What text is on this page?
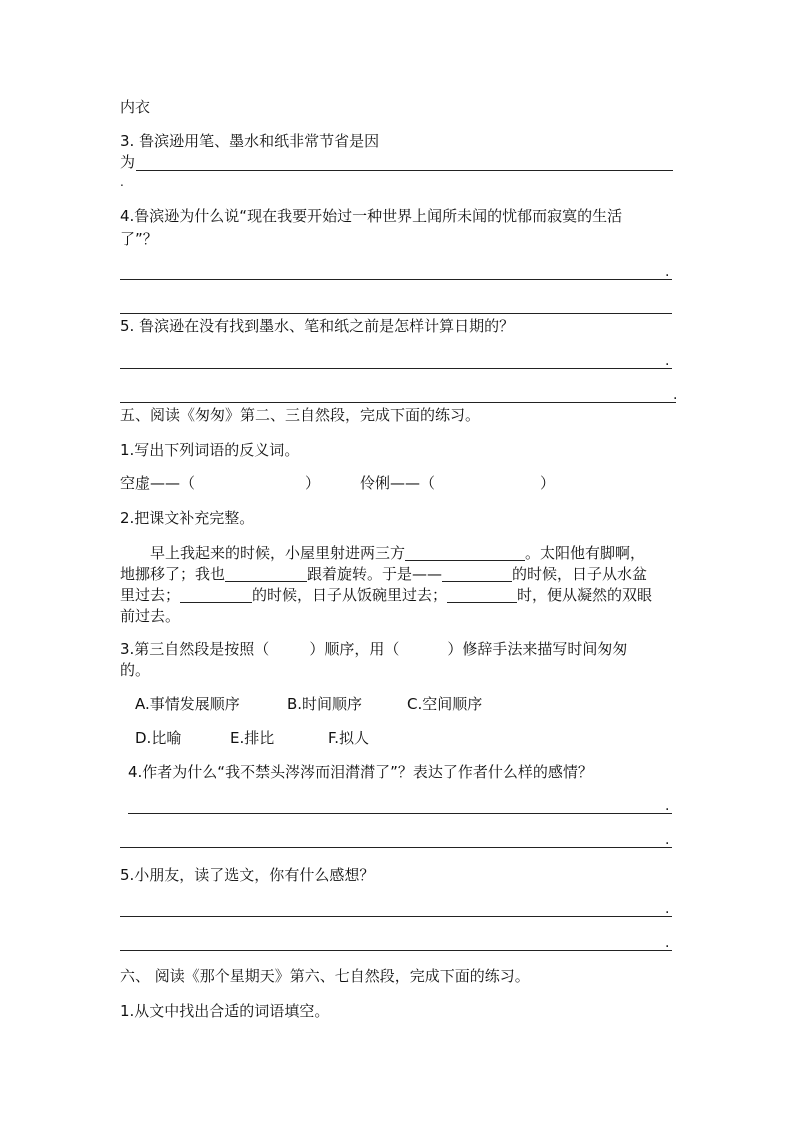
内衣
3. 鲁滨逊用笔、墨水和纸非常节省是因
为
.
4.鲁滨逊为什么说“现在我要开始过一种世界上闻所未闻的忧郁而寂寞的生活
了”？
.
5. 鲁滨逊在没有找到墨水、笔和纸之前是怎样计算日期的？
.
.
五、阅读《匆匆》第二、三自然段，完成下面的练习。
1.写出下列词语的反义词。
空虚——（	）	伶俐——（	）
2.把课文补充完整。
早上我起来的时候，小屋里射进两三方	。太阳他有脚啊，
地挪移了；我也	跟着旋转。于是——	的时候，日子从水盆
里过去；	的时候，日子从饭碗里过去；	时，便从凝然的双眼
前过去。
3.第三自然段是按照（	）顺序，用（	）修辞手法来描写时间匆匆
的。
A.事情发展顺序	B.时间顺序	C.空间顺序
D.比喻	E.排比	F.拟人
4.作者为什么“我不禁头涔涔而泪潸潸了”？表达了作者什么样的感情？
.
.
5.小朋友，读了选文，你有什么感想？
.
.
六、 阅读《那个星期天》第六、七自然段，完成下面的练习。
1.从文中找出合适的词语填空。
